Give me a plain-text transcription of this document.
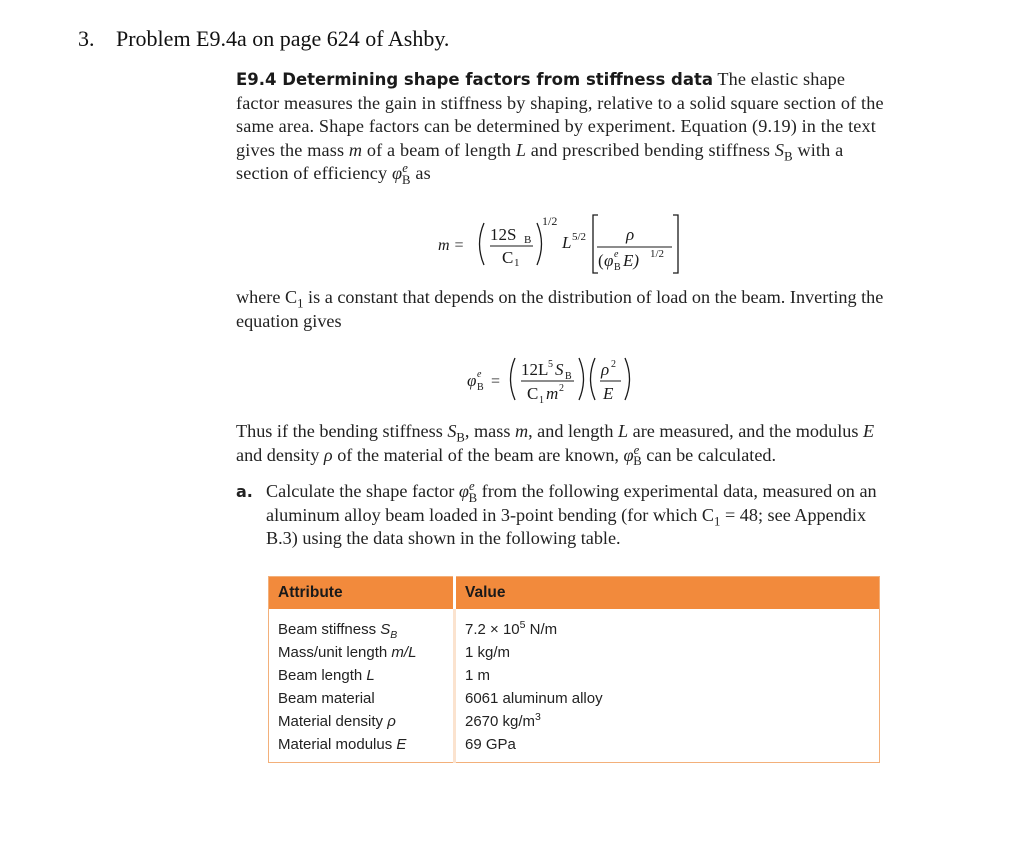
3. Problem E9.4a on page 624 of Ashby.
E9.4 Determining shape factors from stiffness data The elastic shape factor measures the gain in stiffness by shaping, relative to a solid square section of the same area. Shape factors can be determined by experiment. Equation (9.19) in the text gives the mass m of a beam of length L and prescribed bending stiffness $S_B$ with a section of efficiency $\varphi^e_B$ as
m =
12S B
C 1
1/2
L 5/2 ρ
( φ e
B E) 1/2
where $C_1$ is a constant that depends on the distribution of load on the beam. Inverting the equation gives
φ e
B =
12L 5 S B
C 1 m 2
ρ 2
E
Thus if the bending stiffness $S_B$, mass m, and length L are measured, and the modulus E and density ρ of the material of the beam are known, $\varphi^e_B$ can be calculated.
a. Calculate the shape factor $\varphi^e_B$ from the following experimental data, measured on an aluminum alloy beam loaded in 3-point bending (for which $C_1 = 48$; see Appendix B.3) using the data shown in the following table.
Attribute	Value
Beam stiffness $S_B$	$7.2 \times 10^5$ N/m
Mass/unit length m/L	1 kg/m
Beam length L	1 m
Beam material	6061 aluminum alloy
Material density ρ	2670 $kg/m^3$
Material modulus E	69 GPa
